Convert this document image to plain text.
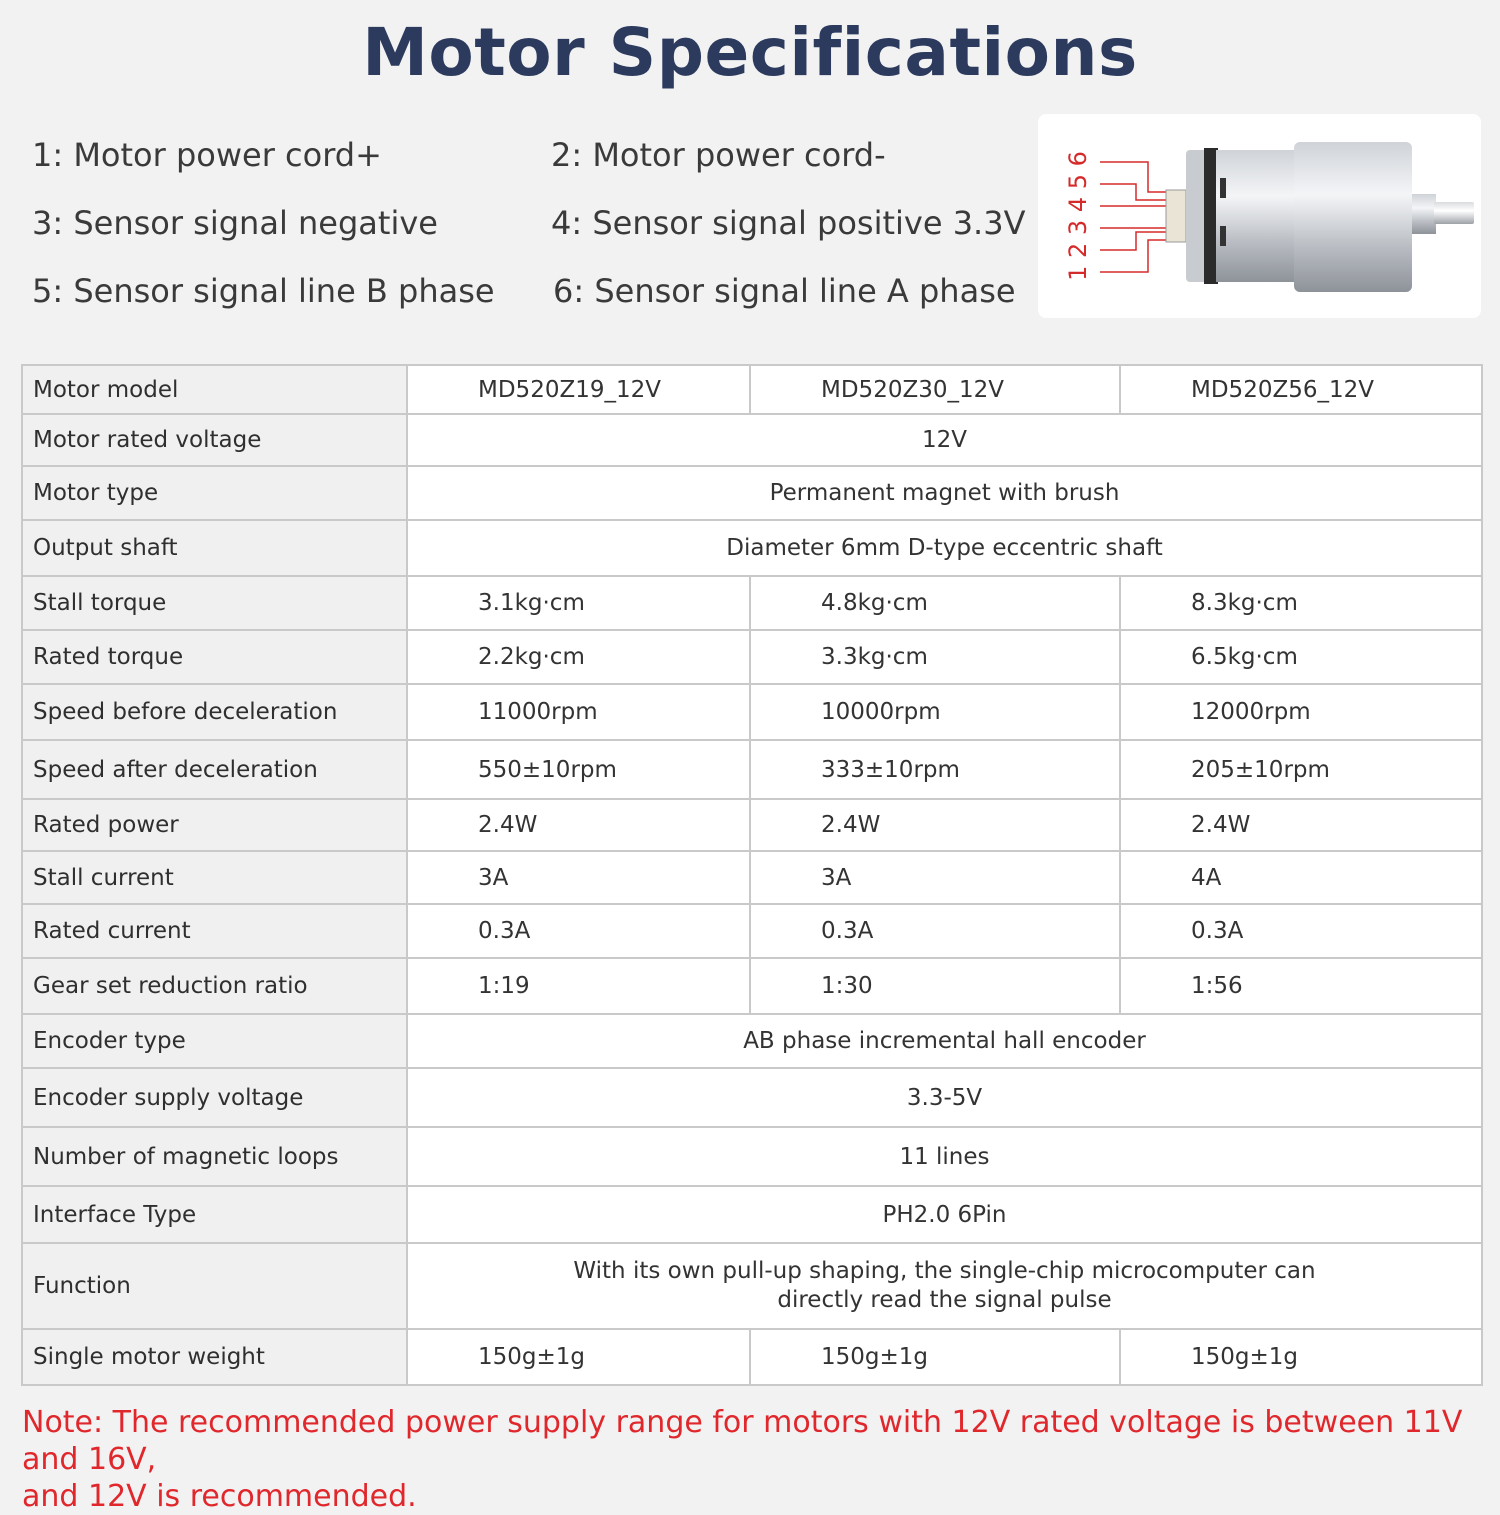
Motor Specifications
1: Motor power cord+	2: Motor power cord-
3: Sensor signal negative	4: Sensor signal positive 3.3V
5: Sensor signal line B phase 6: Sensor signal line A phase
1 2 3 4 5 6
Motor model	MD520Z19_12V	MD520Z30_12V	MD520Z56_12V
Motor rated voltage	12V		
Motor type	Permanent magnet with brush		
Output shaft	Diameter 6mm D-type eccentric shaft		
Stall torque	3.1kg·cm	4.8kg·cm	8.3kg·cm
Rated torque	2.2kg·cm	3.3kg·cm	6.5kg·cm
Speed before deceleration	11000rpm	10000rpm	12000rpm
Speed after deceleration	550±10rpm	333±10rpm	205±10rpm
Rated power	2.4W	2.4W	2.4W
Stall current	3A	3A	4A
Rated current	0.3A	0.3A	0.3A
Gear set reduction ratio	1:19	1:30	1:56
Encoder type	AB phase incremental hall encoder		
Encoder supply voltage	3.3-5V		
Number of magnetic loops	11 lines		
Interface Type	PH2.0 6Pin		
Function	With its own pull-up shaping, the single-chip microcomputer can
directly read the signal pulse		

Single motor weight	150g±1g	150g±1g	150g±1g
Note: The recommended power supply range for motors with 12V rated voltage is between 11V and 16V,
and 12V is recommended.
